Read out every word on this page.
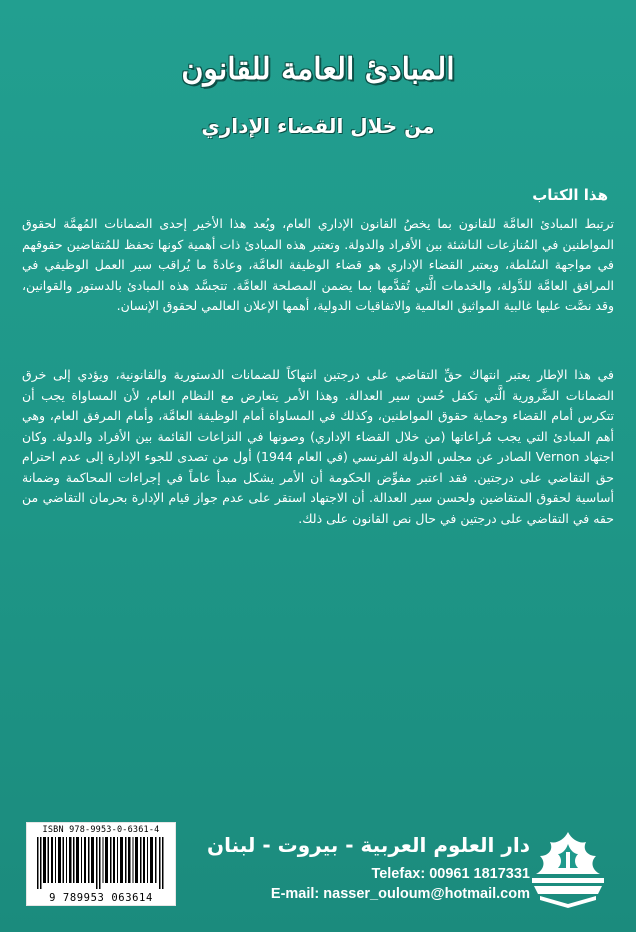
المبادئ العامة للقانون
من خلال القضاء الإداري
هذا الكتاب
ترتبط المبادئ العامَّة للقانون بما يخصُ القانون الإداري العام، ويُعد هذا الأخير إحدى الضمانات المُهمَّة لحقوق المواطنين في المُنازعات الناشئة بين الأفراد والدولة. وتعتبر هذه المبادئ ذات أهمية كونها تحفظ للمُتقاضين حقوقهم في مواجهة السُلطة، ويعتبر القضاء الإداري هو قضاء الوظيفة العامَّة، وعادةً ما يُراقب سير العمل الوظيفي في المرافق العامَّة للدَّولة، والخدمات الَّتي تُقدَّمها بما يضمن المصلحة العامَّة. تتجسَّد هذه المبادئ بالدستور والقوانين، وقد نصَّت عليها غالبية المواثيق العالمية والاتفاقيات الدولية، أهمها الإعلان العالمي لحقوق الإنسان.
في هذا الإطار يعتبر انتهاك حقِّ التقاضي على درجتين انتهاكاً للضمانات الدستورية والقانونية، ويؤدي إلى خرق الضمانات الضَّرورية الَّتي تكفل حُسن سير العدالة. وهذا الأمر يتعارض مع النظام العام، لأن المساواة يجب أن تتكرس أمام القضاء وحماية حقوق المواطنين، وكذلك في المساواة أمام الوظيفة العامَّة، وأمام المرفق العام، وهي أهم المبادئ التي يجب مُراعاتها (من خلال القضاء الإداري) وصونها في النزاعات القائمة بين الأفراد والدولة. وكان اجتهاد Vernon الصادر عن مجلس الدولة الفرنسي (في العام 1944) أول من تصدى للجوء الإدارة إلى عدم احترام حق التقاضي على درجتين. فقد اعتبر مفوِّض الحكومة أن الأمر يشكل مبدأ عاماً في إجراءات المحاكمة وضمانة أساسية لحقوق المتقاضين ولحسن سير العدالة. أن الاجتهاد استقر على عدم جواز قيام الإدارة بحرمان التقاضي من حقه في التقاضي على درجتين في حال نص القانون على ذلك.
ISBN 978-9953-0-6361-4
9 789953 063614
دار العلوم العربية - بيروت - لبنان
Telefax: 00961 1817331
E-mail: nasser_ouloum@hotmail.com
